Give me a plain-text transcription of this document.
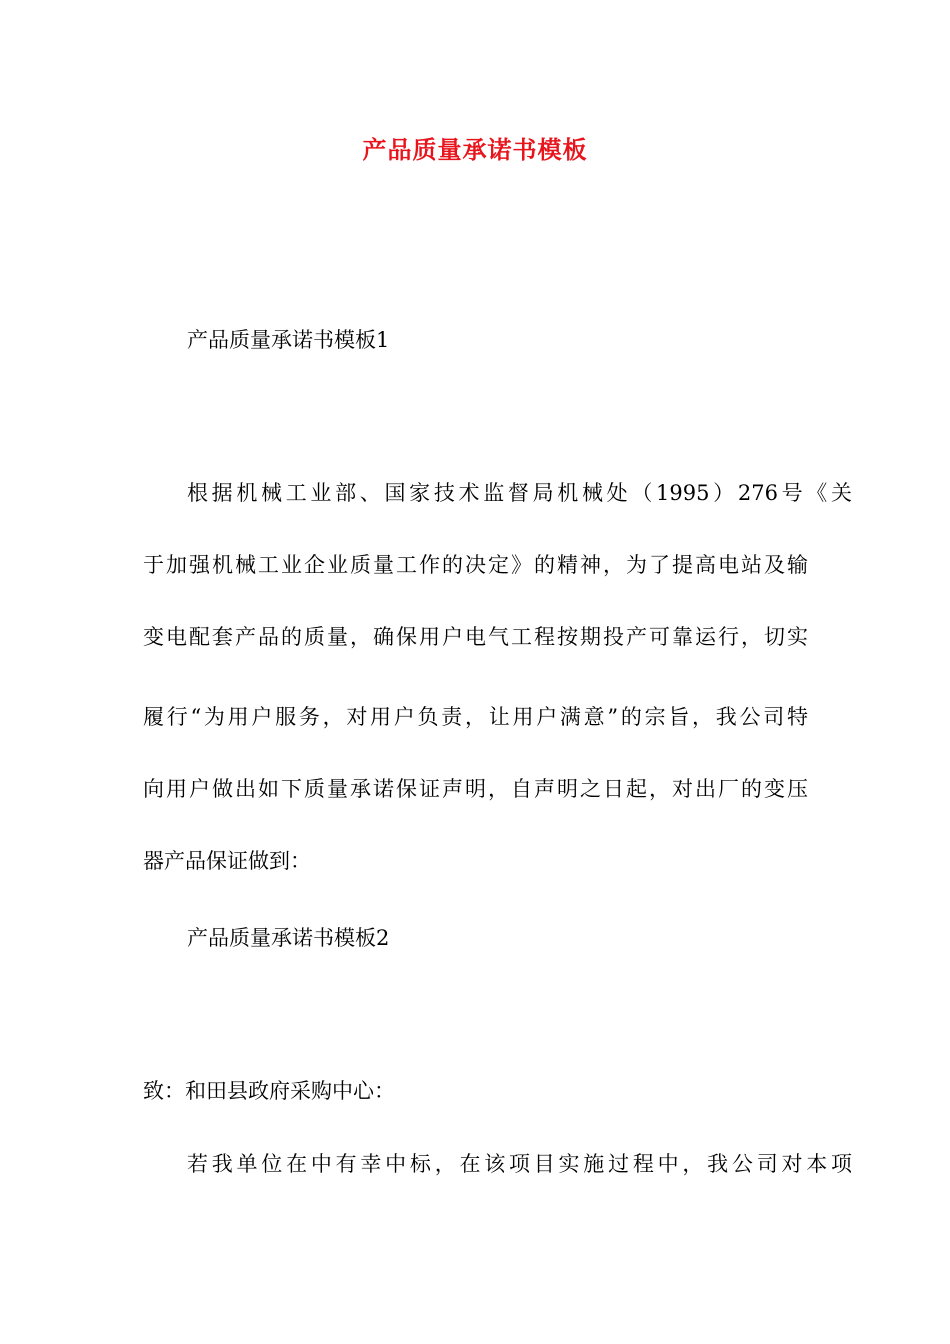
产品质量承诺书模板
产品质量承诺书模板1
根据机械工业部、国家技术监督局机械处（1995）276号《关
于加强机械工业企业质量工作的决定》的精神，为了提高电站及输
变电配套产品的质量，确保用户电气工程按期投产可靠运行，切实
履行“为用户服务，对用户负责，让用户满意”的宗旨，我公司特
向用户做出如下质量承诺保证声明，自声明之日起，对出厂的变压
器产品保证做到：
产品质量承诺书模板2
致：和田县政府采购中心：
若我单位在中有幸中标，在该项目实施过程中，我公司对本项
